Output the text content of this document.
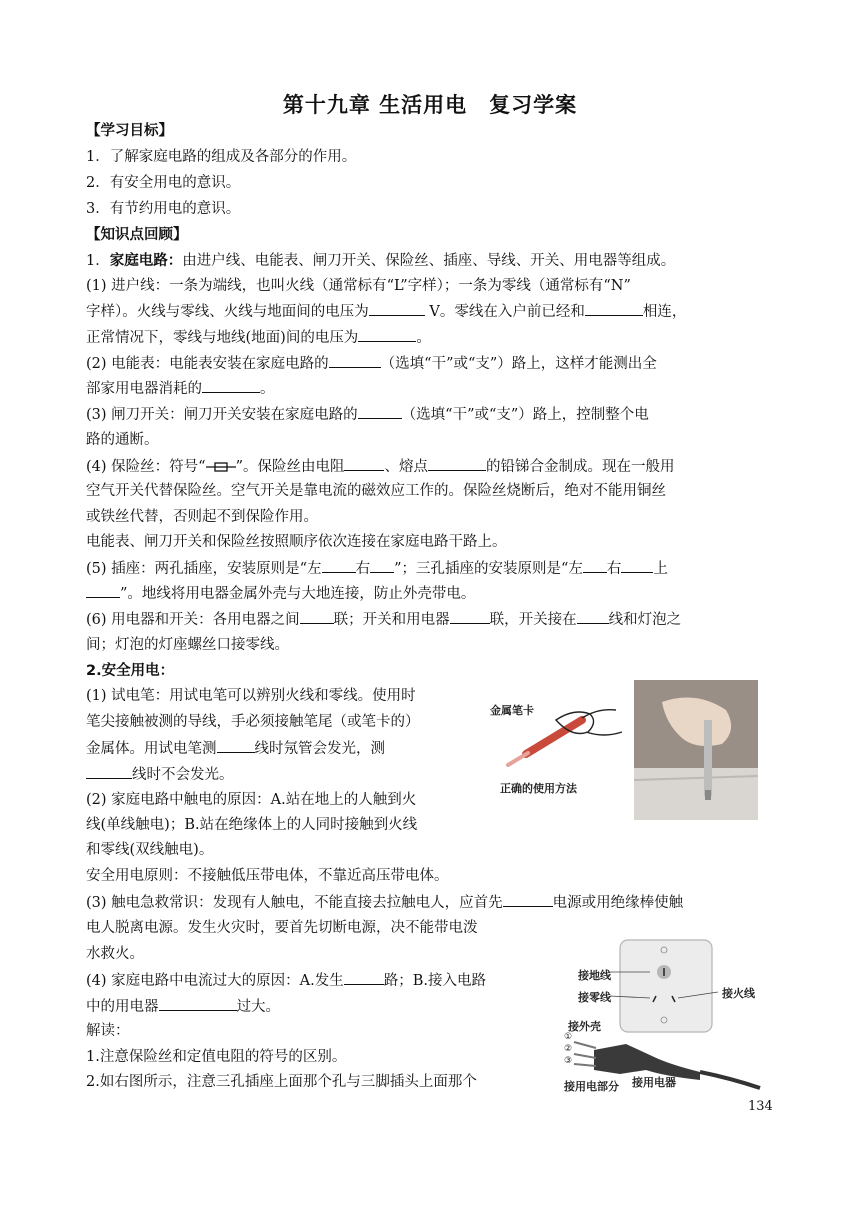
第十九章 生活用电　复习学案
【学习目标】
1．了解家庭电路的组成及各部分的作用。
2．有安全用电的意识。
3．有节约用电的意识。
【知识点回顾】
1．家庭电路：由进户线、电能表、闸刀开关、保险丝、插座、导线、开关、用电器等组成。
(1) 进户线：一条为端线，也叫火线（通常标有“L”字样）；一条为零线（通常标有“N”
字样）。火线与零线、火线与地面间的电压为	V。零线在入户前已经和	相连，
正常情况下，零线与地线(地面)间的电压为	。
(2) 电能表：电能表安装在家庭电路的	（选填“干”或“支”）路上，这样才能测出全
部家用电器消耗的	。
(3) 闸刀开关：闸刀开关安装在家庭电路的	（选填“干”或“支”）路上，控制整个电
路的通断。
(4) 保险丝：符号“ ”。保险丝由电阻	、熔点	的铅锑合金制成。现在一般用
空气开关代替保险丝。空气开关是靠电流的磁效应工作的。保险丝烧断后，绝对不能用铜丝
或铁丝代替，否则起不到保险作用。
电能表、闸刀开关和保险丝按照顺序依次连接在家庭电路干路上。
(5) 插座：两孔插座，安装原则是“左 右 ”；三孔插座的安装原则是“左 右 上
”。地线将用电器金属外壳与大地连接，防止外壳带电。
(6) 用电器和开关：各用电器之间 联；开关和用电器	联，开关接在 线和灯泡之
间；灯泡的灯座螺丝口接零线。
2.安全用电：
(1) 试电笔：用试电笔可以辨别火线和零线。使用时
笔尖接触被测的导线，手必须接触笔尾（或笔卡的）
金属体。用试电笔测	线时氖管会发光，测
线时不会发光。
(2) 家庭电路中触电的原因：A.站在地上的人触到火
线(单线触电)；B.站在绝缘体上的人同时接触到火线
和零线(双线触电)。
安全用电原则：不接触低压带电体，不靠近高压带电体。
(3) 触电急救常识：发现有人触电，不能直接去拉触电人，应首先	电源或用绝缘棒使触
电人脱离电源。发生火灾时，要首先切断电源，决不能带电泼
水救火。
(4) 家庭电路中电流过大的原因：A.发生	路；B.接入电路
中的用电器	过大。
解读：
1.注意保险丝和定值电阻的符号的区别。
2.如右图所示，注意三孔插座上面那个孔与三脚插头上面那个
134
金属笔卡
正确的使用方法
接地线
接零线	接火线
接外壳
①
②
③
接用电器
接用电部分
